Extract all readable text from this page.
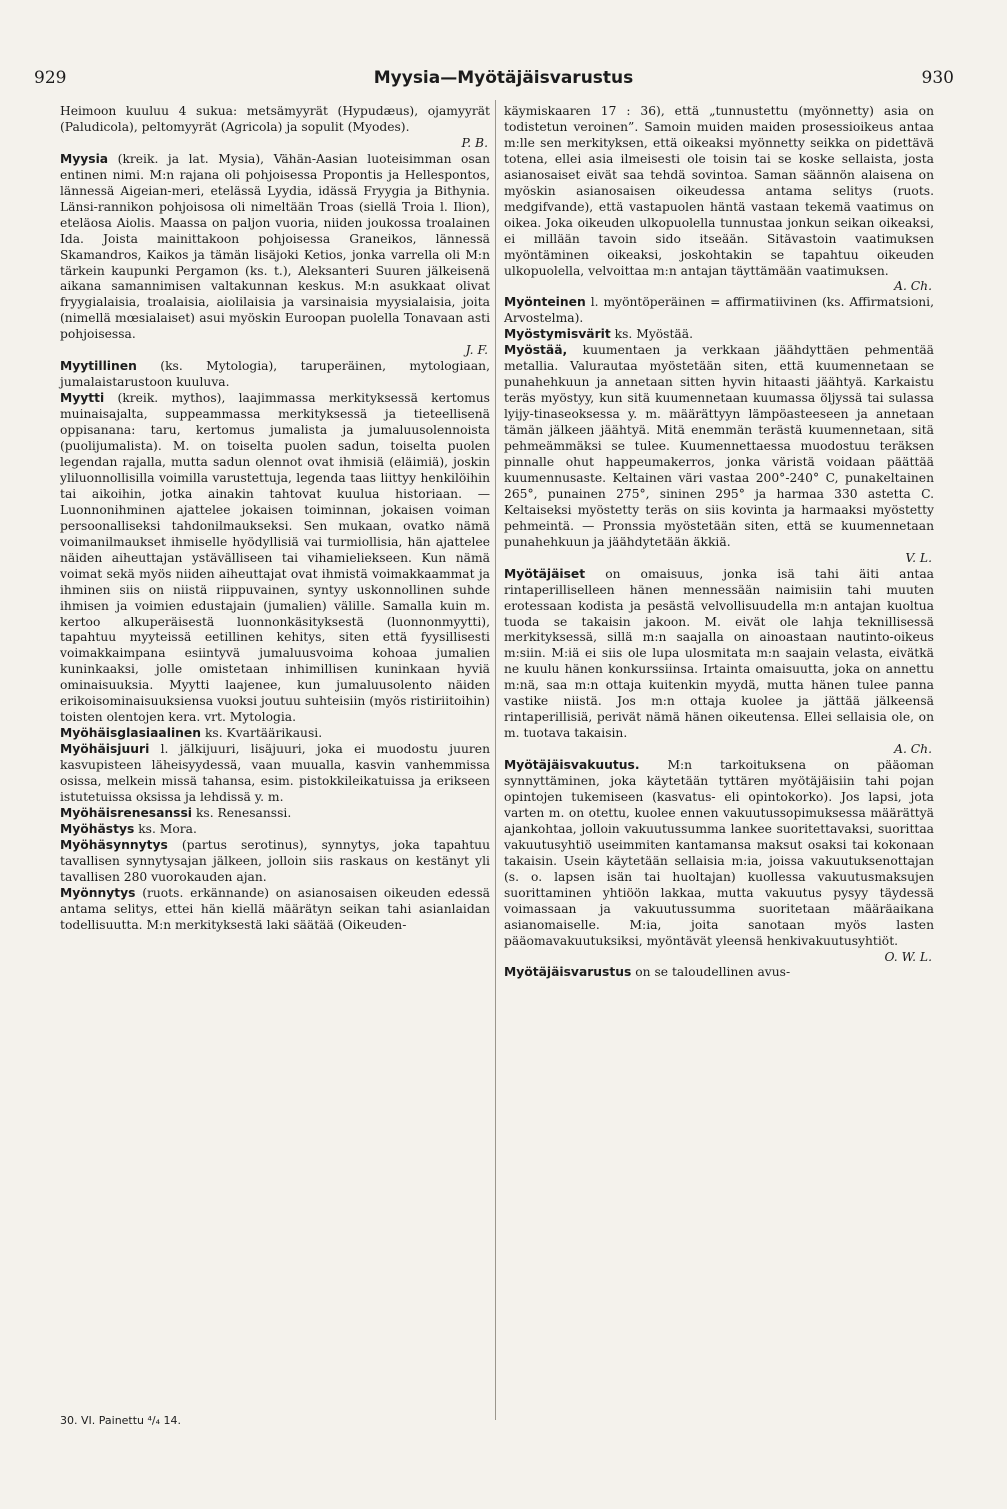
929	Myysia—Myötäjäisvarustus	930

Heimoon kuuluu 4 sukua: metsämyyrät (Hypudæus), ojamyyrät (Paludicola), peltomyyrät (Agricola) ja sopulit (Myodes).
P. B.

Myysia (kreik. ja lat. Mysia), Vähän-Aasian luoteisimman osan entinen nimi. M:n rajana oli pohjoisessa Propontis ja Hellespontos, lännessä Aigeian-meri, etelässä Lyydia, idässä Fryygia ja Bithynia. Länsi-rannikon pohjoisosa oli nimeltään Troas (siellä Troia l. Ilion), eteläosa Aiolis. Maassa on paljon vuoria, niiden joukossa troalainen Ida. Joista mainittakoon pohjoisessa Graneikos, lännessä Skamandros, Kaikos ja tämän lisäjoki Ketios, jonka varrella oli M:n tärkein kaupunki Pergamon (ks. t.), Aleksanteri Suuren jälkeisenä aikana samannimisen valtakunnan keskus. M:n asukkaat olivat fryygialaisia, troalaisia, aiolilaisia ja varsinaisia myysialaisia, joita (nimellä mœsialaiset) asui myöskin Euroopan puolella Tonavaan asti pohjoisessa.
J. F.

Myytillinen (ks. Mytologia), taruperäinen, mytologiaan, jumalaistarustoon kuuluva.

Myytti (kreik. mythos), laajimmassa merkityksessä kertomus muinaisajalta, suppeammassa merkityksessä ja tieteellisenä oppisanana: taru, kertomus jumalista ja jumaluusolennoista (puolijumalista). M. on toiselta puolen sadun, toiselta puolen legendan rajalla, mutta sadun olennot ovat ihmisiä (eläimiä), joskin yliluonnollisilla voimilla varustettuja, legenda taas liittyy henkilöihin tai aikoihin, jotka ainakin tahtovat kuulua historiaan. — Luonnonihminen ajattelee jokaisen toiminnan, jokaisen voiman persoonalliseksi tahdonilmaukseksi. Sen mukaan, ovatko nämä voimanilmaukset ihmiselle hyödyllisiä vai turmiollisia, hän ajattelee näiden aiheuttajan ystävälliseen tai vihamieliekseen. Kun nämä voimat sekä myös niiden aiheuttajat ovat ihmistä voimakkaammat ja ihminen siis on niistä riippuvainen, syntyy uskonnollinen suhde ihmisen ja voimien edustajain (jumalien) välille. Samalla kuin m. kertoo alkuperäisestä luonnonkäsityksestä (luonnonmyytti), tapahtuu myyteissä eetillinen kehitys, siten että fyysillisesti voimakkaimpana esiintyvä jumaluusvoima kohoaa jumalien kuninkaaksi, jolle omistetaan inhimillisen kuninkaan hyviä ominaisuuksia. Myytti laajenee, kun jumaluusolento näiden erikoisominaisuuksiensa vuoksi joutuu suhteisiin (myös ristiriitoihin) toisten olentojen kera. vrt. Mytologia.

Myöhäisglasiaalinen ks. Kvartäärikausi.

Myöhäisjuuri l. jälkijuuri, lisäjuuri, joka ei muodostu juuren kasvupisteen läheisyydessä, vaan muualla, kasvin vanhemmissa osissa, melkein missä tahansa, esim. pistokkileikatuissa ja erikseen istutetuissa oksissa ja lehdissä y. m.

Myöhäisrenesanssi ks. Renesanssi.

Myöhästys ks. Mora.

Myöhäsynnytys (partus serotinus), synnytys, joka tapahtuu tavallisen synnytysajan jälkeen, jolloin siis raskaus on kestänyt yli tavallisen 280 vuorokauden ajan.

Myönnytys (ruots. erkännande) on asianosaisen oikeuden edessä antama selitys, ettei hän kiellä määrätyn seikan tahi asianlaidan todellisuutta. M:n merkityksestä laki säätää (Oikeuden-

käymiskaaren 17 : 36), että „tunnustettu (myönnetty) asia on todistetun veroinen”. Samoin muiden maiden prosessioikeus antaa m:lle sen merkityksen, että oikeaksi myönnetty seikka on pidettävä totena, ellei asia ilmeisesti ole toisin tai se koske sellaista, josta asianosaiset eivät saa tehdä sovintoa. Saman säännön alaisena on myöskin asianosaisen oikeudessa antama selitys (ruots. medgifvande), että vastapuolen häntä vastaan tekemä vaatimus on oikea. Joka oikeuden ulkopuolella tunnustaa jonkun seikan oikeaksi, ei millään tavoin sido itseään. Sitävastoin vaatimuksen myöntäminen oikeaksi, joskohtakin se tapahtuu oikeuden ulkopuolella, velvoittaa m:n antajan täyttämään vaatimuksen.
A. Ch.

Myönteinen l. myöntöperäinen = affirmatiivinen (ks. Affirmatsioni, Arvostelma).

Myöstymisvärit ks. Myöstää.

Myöstää, kuumentaen ja verkkaan jäähdyttäen pehmentää metallia. Valurautaa myöstetään siten, että kuumennetaan se punahehkuun ja annetaan sitten hyvin hitaasti jäähtyä. Karkaistu teräs myöstyy, kun sitä kuumennetaan kuumassa öljyssä tai sulassa lyijy-tinaseoksessa y. m. määrättyyn lämpöasteeseen ja annetaan tämän jälkeen jäähtyä. Mitä enemmän terästä kuumennetaan, sitä pehmeämmäksi se tulee. Kuumennettaessa muodostuu teräksen pinnalle ohut happeumakerros, jonka väristä voidaan päättää kuumennusaste. Keltainen väri vastaa 200°-240° C, punakeltainen 265°, punainen 275°, sininen 295° ja harmaa 330 astetta C. Keltaiseksi myöstetty teräs on siis kovinta ja harmaaksi myöstetty pehmeintä. — Pronssia myöstetään siten, että se kuumennetaan punahehkuun ja jäähdytetään äkkiä.
V. L.

Myötäjäiset on omaisuus, jonka isä tahi äiti antaa rintaperilliselleen hänen mennessään naimisiin tahi muuten erotessaan kodista ja pesästä velvollisuudella m:n antajan kuoltua tuoda se takaisin jakoon. M. eivät ole lahja teknillisessä merkityksessä, sillä m:n saajalla on ainoastaan nautinto-oikeus m:siin. M:iä ei siis ole lupa ulosmitata m:n saajain velasta, eivätkä ne kuulu hänen konkurssiinsa. Irtainta omaisuutta, joka on annettu m:nä, saa m:n ottaja kuitenkin myydä, mutta hänen tulee panna vastike niistä. Jos m:n ottaja kuolee ja jättää jälkeensä rintaperillisiä, perivät nämä hänen oikeutensa. Ellei sellaisia ole, on m. tuotava takaisin.
A. Ch.

Myötäjäisvakuutus. M:n tarkoituksena on pääoman synnyttäminen, joka käytetään tyttären myötäjäisiin tahi pojan opintojen tukemiseen (kasvatus- eli opintokorko). Jos lapsi, jota varten m. on otettu, kuolee ennen vakuutussopimuksessa määrättyä ajankohtaa, jolloin vakuutussumma lankee suoritettavaksi, suorittaa vakuutusyhtiö useimmiten kantamansa maksut osaksi tai kokonaan takaisin. Usein käytetään sellaisia m:ia, joissa vakuutuksenottajan (s. o. lapsen isän tai huoltajan) kuollessa vakuutusmaksujen suorittaminen yhtiöön lakkaa, mutta vakuutus pysyy täydessä voimassaan ja vakuutussumma suoritetaan määräaikana asianomaiselle. M:ia, joita sanotaan myös lasten pääomavakuutuksiksi, myöntävät yleensä henkivakuutusyhtiöt.
O. W. L.

Myötäjäisvarustus on se taloudellinen avus-

30. VI. Painettu ⁴/₄ 14.
